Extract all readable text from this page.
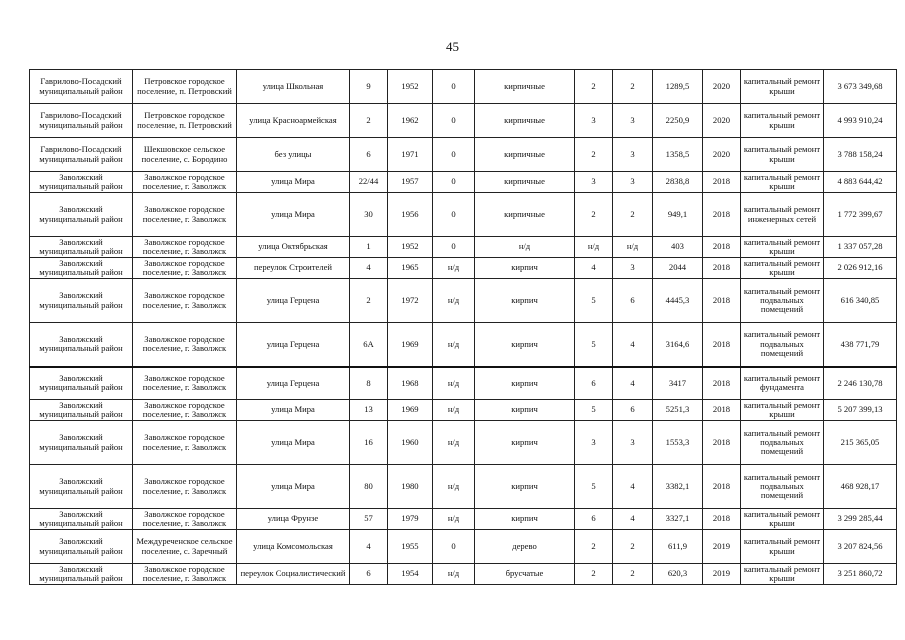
45
Гаврилово-Посадский муниципальный район	Петровское городское поселение, п. Петровский	улица Школьная	9	1952	0	кирпичные	2	2	1289,5	2020	капитальный ремонт крыши	3 673 349,68
Гаврилово-Посадский муниципальный район	Петровское городское поселение, п. Петровский	улица Красноармейская	2	1962	0	кирпичные	3	3	2250,9	2020	капитальный ремонт крыши	4 993 910,24
Гаврилово-Посадский муниципальный район	Шекшовское сельское поселение, с. Бородино	без улицы	6	1971	0	кирпичные	2	3	1358,5	2020	капитальный ремонт крыши	3 788 158,24
Заволжский муниципальный район	Заволжское городское поселение, г. Заволжск	улица Мира	22/44	1957	0	кирпичные	3	3	2838,8	2018	капитальный ремонт крыши	4 883 644,42
Заволжский муниципальный район	Заволжское городское поселение, г. Заволжск	улица Мира	30	1956	0	кирпичные	2	2	949,1	2018	капитальный ремонт инженерных сетей	1 772 399,67
Заволжский муниципальный район	Заволжское городское поселение, г. Заволжск	улица Октябрьская	1	1952	0	н/д	н/д	н/д	403	2018	капитальный ремонт крыши	1 337 057,28
Заволжский муниципальный район	Заволжское городское поселение, г. Заволжск	переулок Строителей	4	1965	н/д	кирпич	4	3	2044	2018	капитальный ремонт крыши	2 026 912,16
Заволжский муниципальный район	Заволжское городское поселение, г. Заволжск	улица Герцена	2	1972	н/д	кирпич	5	6	4445,3	2018	капитальный ремонт подвальных помещений	616 340,85
Заволжский муниципальный район	Заволжское городское поселение, г. Заволжск	улица Герцена	6А	1969	н/д	кирпич	5	4	3164,6	2018	капитальный ремонт подвальных помещений	438 771,79
Заволжский муниципальный район	Заволжское городское поселение, г. Заволжск	улица Герцена	8	1968	н/д	кирпич	6	4	3417	2018	капитальный ремонт фундамента	2 246 130,78
Заволжский муниципальный район	Заволжское городское поселение, г. Заволжск	улица Мира	13	1969	н/д	кирпич	5	6	5251,3	2018	капитальный ремонт крыши	5 207 399,13
Заволжский муниципальный район	Заволжское городское поселение, г. Заволжск	улица Мира	16	1960	н/д	кирпич	3	3	1553,3	2018	капитальный ремонт подвальных помещений	215 365,05
Заволжский муниципальный район	Заволжское городское поселение, г. Заволжск	улица Мира	80	1980	н/д	кирпич	5	4	3382,1	2018	капитальный ремонт подвальных помещений	468 928,17
Заволжский муниципальный район	Заволжское городское поселение, г. Заволжск	улица Фрунзе	57	1979	н/д	кирпич	6	4	3327,1	2018	капитальный ремонт крыши	3 299 285,44
Заволжский муниципальный район	Междуреченское сельское поселение, с. Заречный	улица Комсомольская	4	1955	0	дерево	2	2	611,9	2019	капитальный ремонт крыши	3 207 824,56
Заволжский муниципальный район	Заволжское городское поселение, г. Заволжск	переулок Социалистический	6	1954	н/д	брусчатые	2	2	620,3	2019	капитальный ремонт крыши	3 251 860,72
